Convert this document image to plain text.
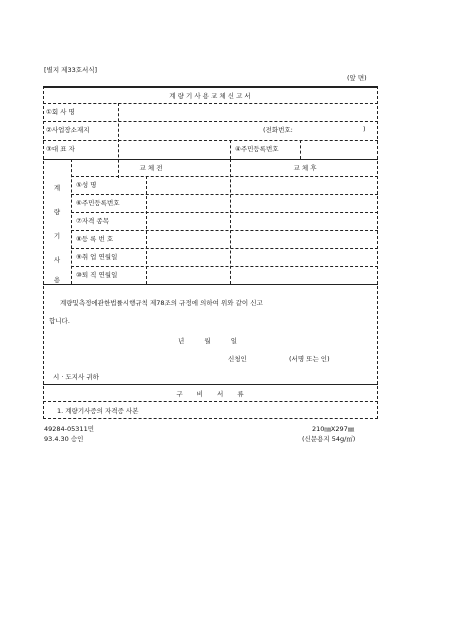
[별지 제33호서식]
(앞 면)
계 량 기 사 용 교 체 신 고 서
①회 사 명
②사업장소재지	(전화번호:	)
③대 표 자	④주민등록번호
교 체 전	교 체 후
계
량
기
사
용
⑤성 명
⑥주민등록번호
⑦자격 종목
⑧등 록 번 호
⑨취 업 연월일
⑩퇴 직 연월일
계량및측정에관한법률시행규칙 제78조의 규정에 의하여 위와 같이 신고
합니다.
년 월 일
신청인	(서명 또는 인)
시 · 도지사 귀하
구 비 서 류
1. 계량기사증의 자격증 사본
49284-05311민
93.4.30 승인
210㎜X297㎜
(신문용지 54g/㎡)
